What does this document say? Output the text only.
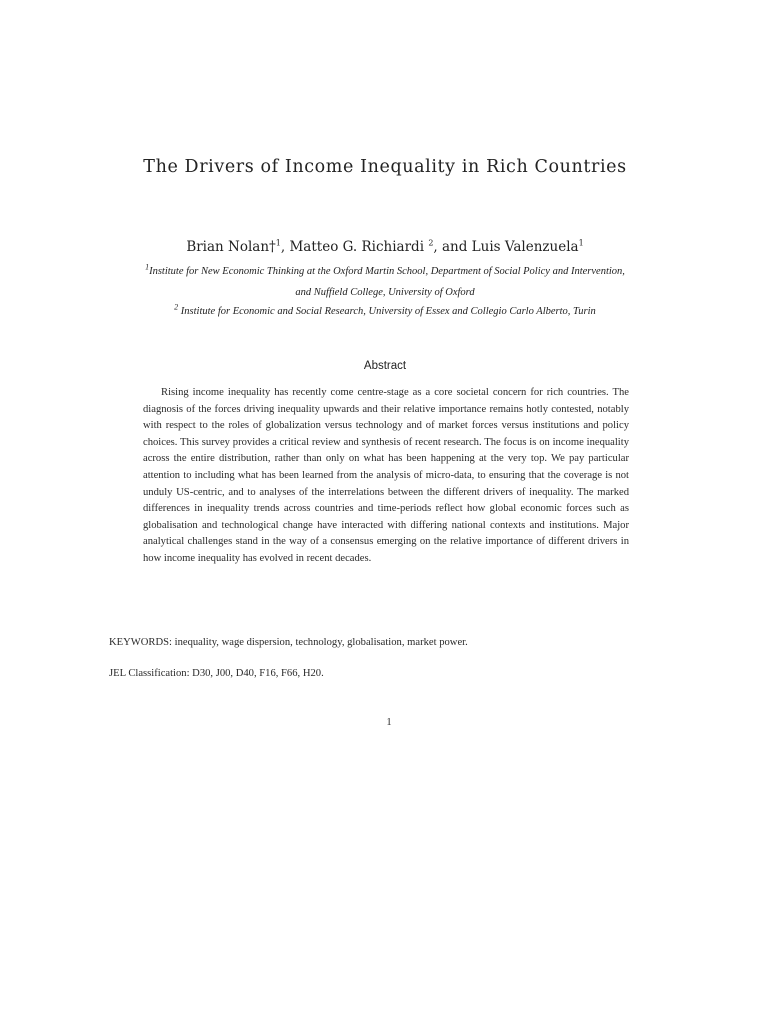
The Drivers of Income Inequality in Rich Countries
Brian Nolan†$^1$, Matteo G. Richiardi $^2$, and Luis Valenzuela$^1$
$^1$Institute for New Economic Thinking at the Oxford Martin School, Department of Social Policy and Intervention,
and Nuffield College, University of Oxford
$^2$ Institute for Economic and Social Research, University of Essex and Collegio Carlo Alberto, Turin
Abstract

Rising income inequality has recently come centre-stage as a core societal concern for rich countries. The diagnosis of the forces driving inequality upwards and their relative importance remains hotly contested, notably with respect to the roles of globalization versus technology and of market forces versus institutions and policy choices. This survey provides a critical review and synthesis of recent research. The focus is on income inequality across the entire distribution, rather than only on what has been happening at the very top. We pay particular attention to including what has been learned from the analysis of micro-data, to ensuring that the coverage is not unduly US-centric, and to analyses of the interrelations between the different drivers of inequality. The marked differences in inequality trends across countries and time-periods reflect how global economic forces such as globalisation and technological change have interacted with differing national contexts and institutions. Major analytical challenges stand in the way of a consensus emerging on the relative importance of different drivers in how income inequality has evolved in recent decades.

KEYWORDS: inequality, wage dispersion, technology, globalisation, market power.
JEL Classification: D30, J00, D40, F16, F66, H20.
1
